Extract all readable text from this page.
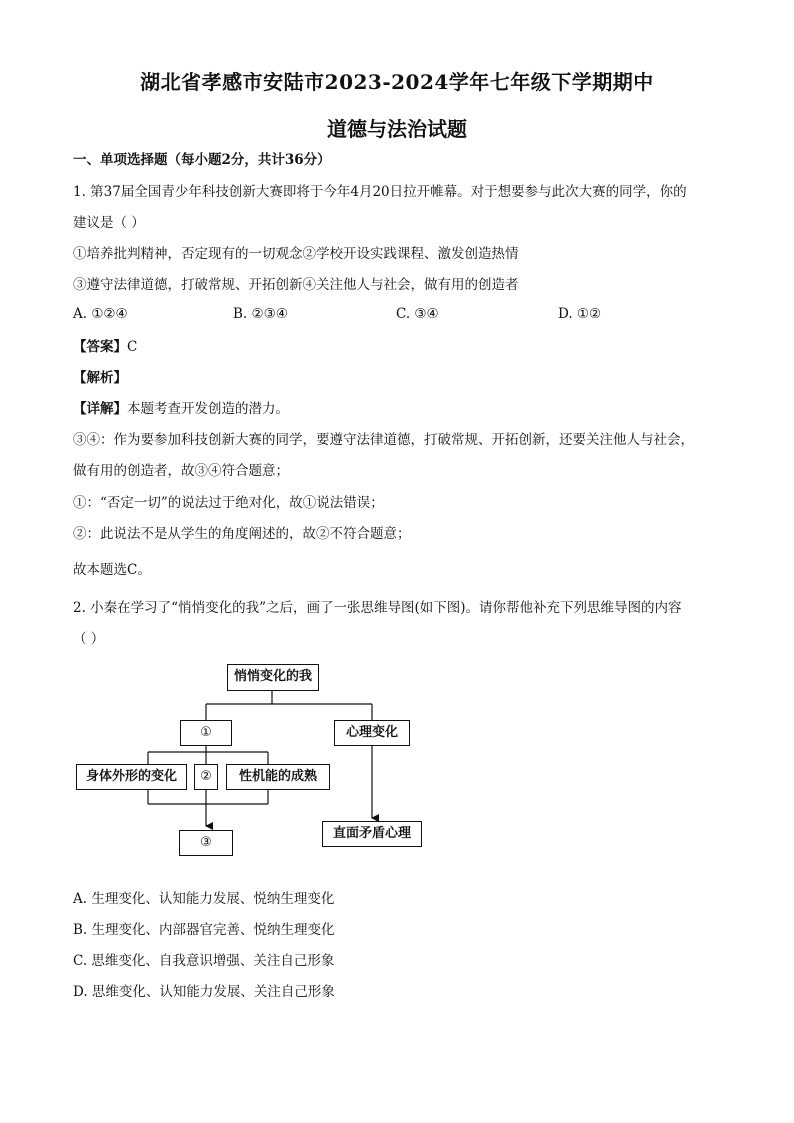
湖北省孝感市安陆市2023-2024学年七年级下学期期中
道德与法治试题
一、单项选择题（每小题2分，共计36分）
1. 第37届全国青少年科技创新大赛即将于今年4月20日拉开帷幕。对于想要参与此次大赛的同学，你的
建议是（ ）
①培养批判精神，否定现有的一切观念②学校开设实践课程、激发创造热情
③遵守法律道德，打破常规、开拓创新④关注他人与社会，做有用的创造者
A. ①②④	B. ②③④	C. ③④	D. ①②
【答案】C
【解析】
【详解】本题考查开发创造的潜力。
③④：作为要参加科技创新大赛的同学，要遵守法律道德，打破常规、开拓创新，还要关注他人与社会，
做有用的创造者，故③④符合题意；
①：“否定一切”的说法过于绝对化，故①说法错误；
②：此说法不是从学生的角度阐述的，故②不符合题意；
故本题选C。
2. 小秦在学习了“悄悄变化的我”之后，画了一张思维导图(如下图)。请你帮他补充下列思维导图的内容
（ ）
悄悄变化的我
①	心理变化
身体外形的变化	②	性机能的成熟
③
直面矛盾心理
A. 生理变化、认知能力发展、悦纳生理变化
B. 生理变化、内部器官完善、悦纳生理变化
C. 思维变化、自我意识增强、关注自己形象
D. 思维变化、认知能力发展、关注自己形象
